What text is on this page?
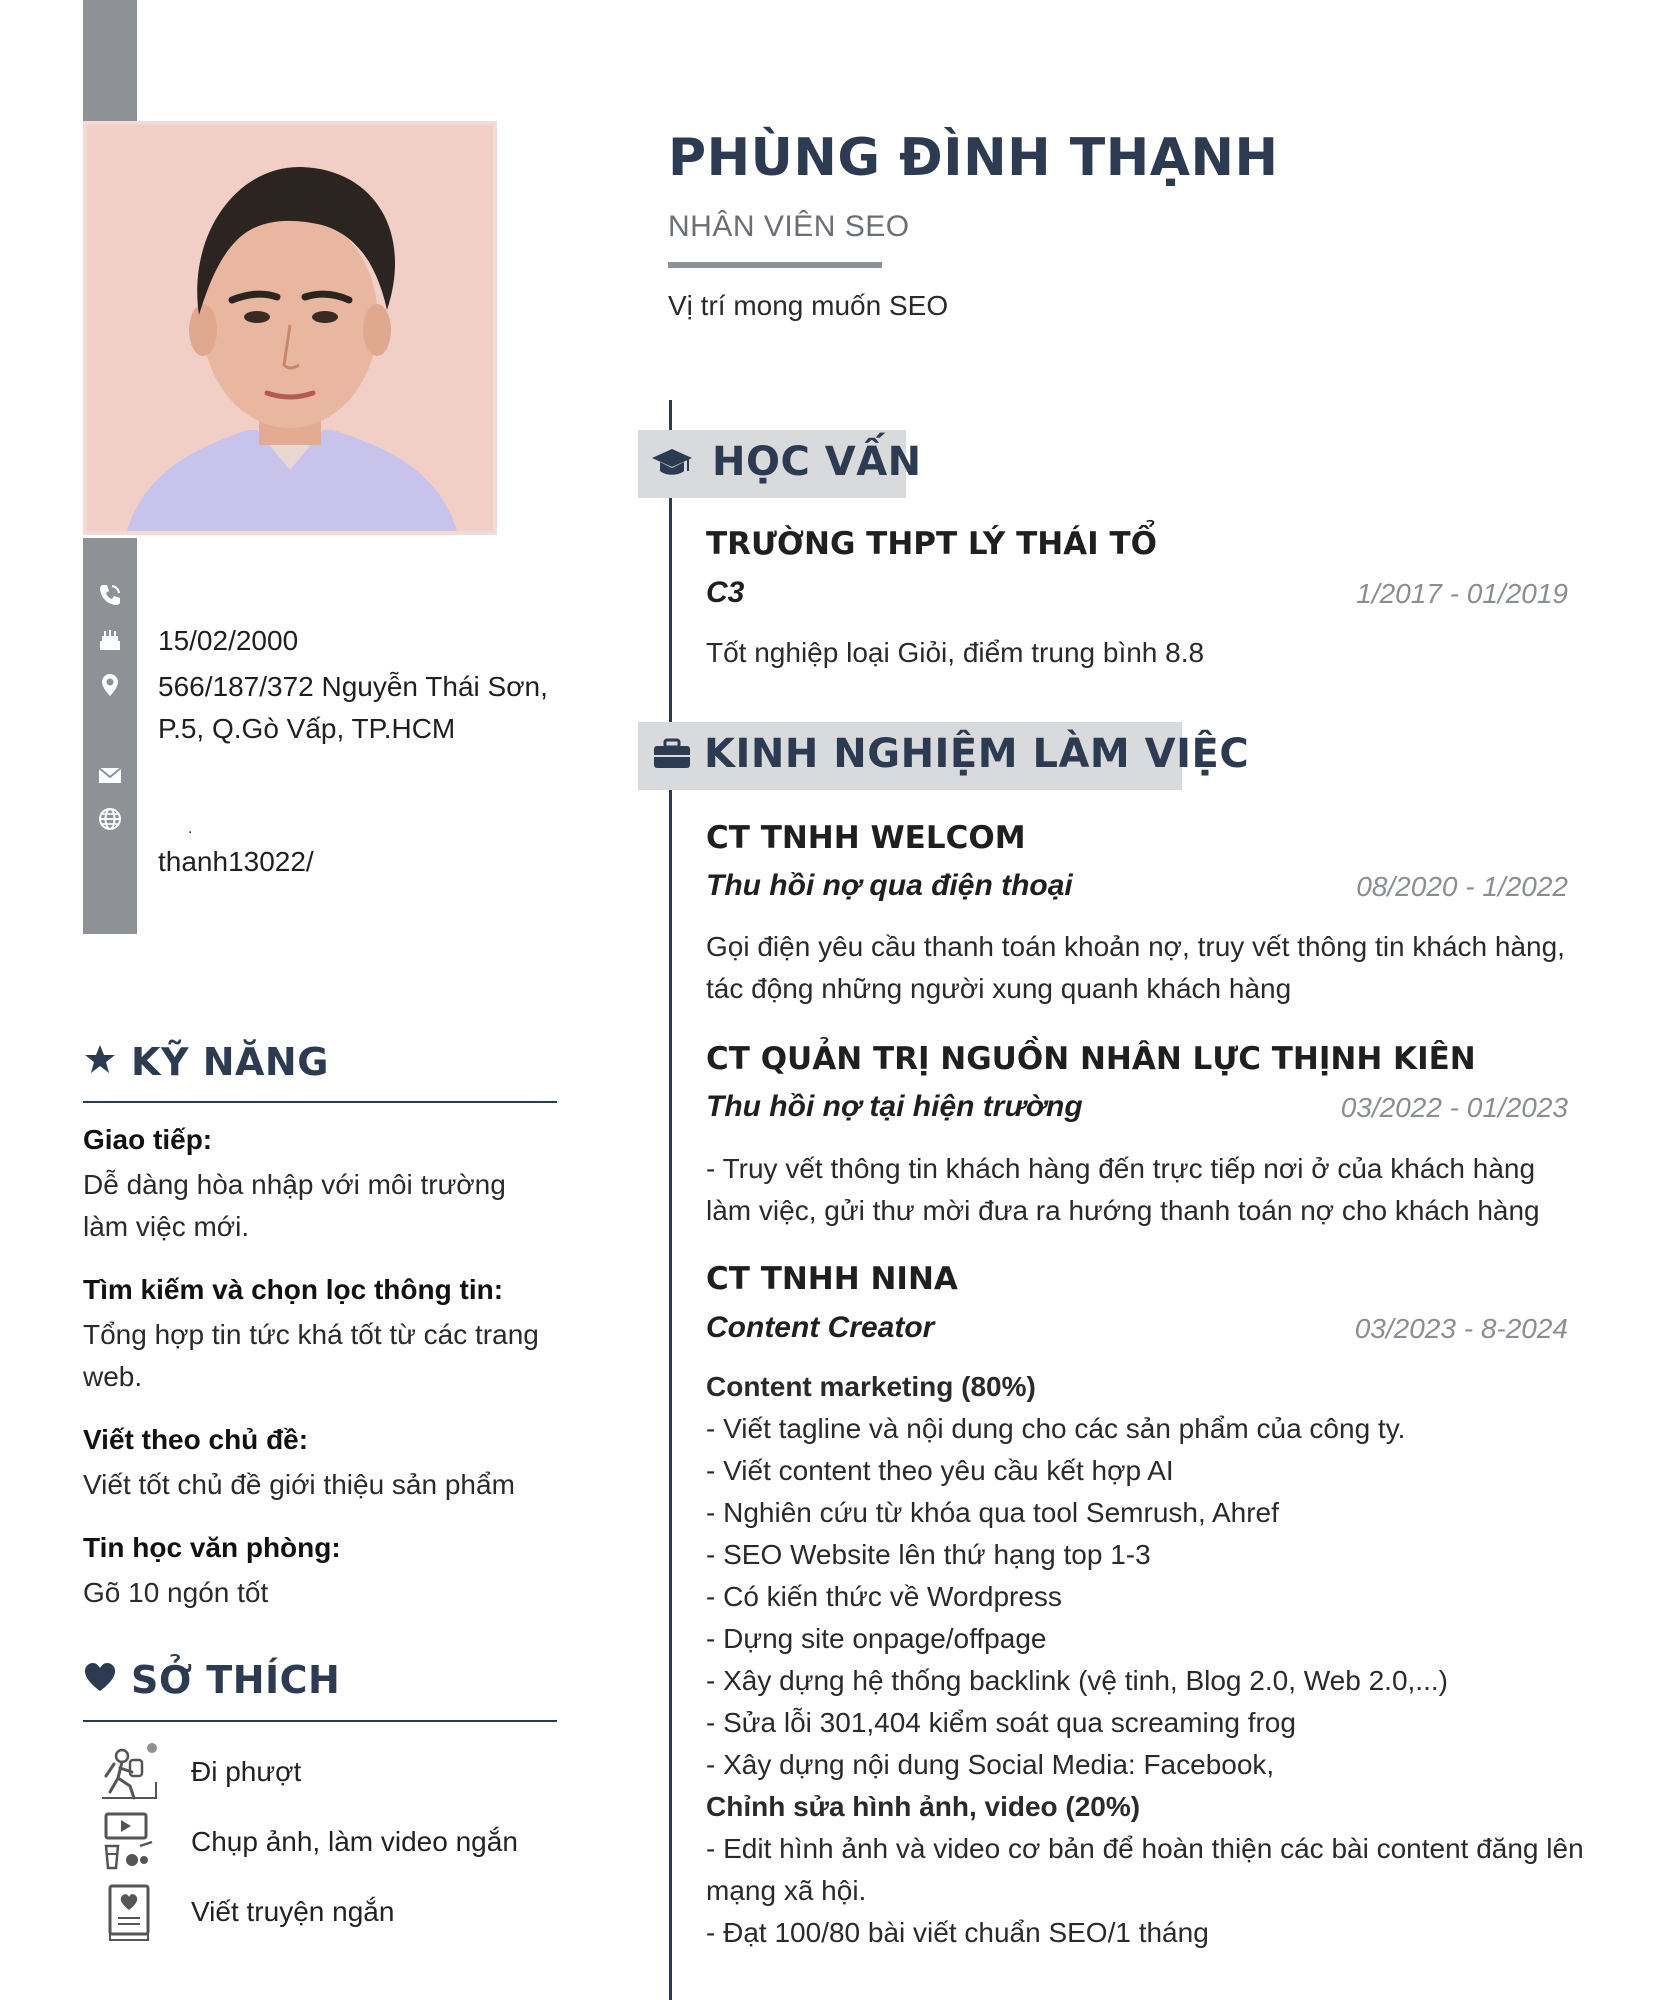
15/02/2000
566/187/372 Nguyễn Thái Sơn,
P.5, Q.Gò Vấp, TP.HCM
.
thanh13022/
KỸ NĂNG
Giao tiếp:
Dễ dàng hòa nhập với môi trường làm việc mới.
Tìm kiếm và chọn lọc thông tin:
Tổng hợp tin tức khá tốt từ các trang web.
Viết theo chủ đề:
Viết tốt chủ đề giới thiệu sản phẩm
Tin học văn phòng:
Gõ 10 ngón tốt
SỞ THÍCH
Đi phượt
Chụp ảnh, làm video ngắn
Viết truyện ngắn
PHÙNG ĐÌNH THẠNH
NHÂN VIÊN SEO
Vị trí mong muốn SEO
HỌC VẤN
TRƯỜNG THPT LÝ THÁI TỔ
C3	1/2017 - 01/2019
Tốt nghiệp loại Giỏi, điểm trung bình 8.8
KINH NGHIỆM LÀM VIỆC
CT TNHH WELCOM
Thu hồi nợ qua điện thoại	08/2020 - 1/2022
Gọi điện yêu cầu thanh toán khoản nợ, truy vết thông tin khách hàng,
tác động những người xung quanh khách hàng
CT QUẢN TRỊ NGUỒN NHÂN LỰC THỊNH KIÊN
Thu hồi nợ tại hiện trường	03/2022 - 01/2023
- Truy vết thông tin khách hàng đến trực tiếp nơi ở của khách hàng
làm việc, gửi thư mời đưa ra hướng thanh toán nợ cho khách hàng
CT TNHH NINA
Content Creator	03/2023 - 8-2024
Content marketing (80%)
- Viết tagline và nội dung cho các sản phẩm của công ty.
- Viết content theo yêu cầu kết hợp AI
- Nghiên cứu từ khóa qua tool Semrush, Ahref
- SEO Website lên thứ hạng top 1-3
- Có kiến thức về Wordpress
- Dựng site onpage/offpage
- Xây dựng hệ thống backlink (vệ tinh, Blog 2.0, Web 2.0,...)
- Sửa lỗi 301,404 kiểm soát qua screaming frog
- Xây dựng nội dung Social Media: Facebook,
Chỉnh sửa hình ảnh, video (20%)
- Edit hình ảnh và video cơ bản để hoàn thiện các bài content đăng lên
mạng xã hội.
- Đạt 100/80 bài viết chuẩn SEO/1 tháng
